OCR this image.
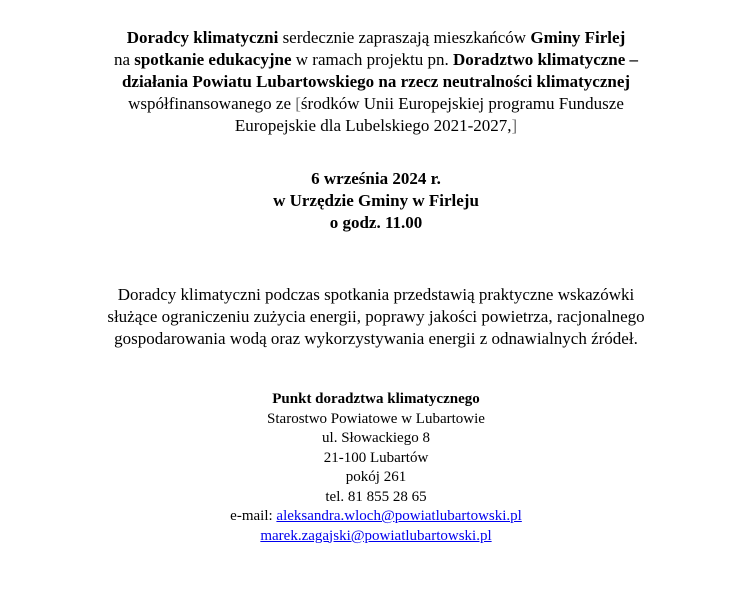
Doradcy klimatyczni serdecznie zapraszają mieszkańców Gminy Firlej
na spotkanie edukacyjne w ramach projektu pn. Doradztwo klimatyczne –
działania Powiatu Lubartowskiego na rzecz neutralności klimatycznej
współfinansowanego ze [środków Unii Europejskiej programu Fundusze
Europejskie dla Lubelskiego 2021-2027,]
6 września 2024 r.
w Urzędzie Gminy w Firleju
o godz. 11.00
Doradcy klimatyczni podczas spotkania przedstawią praktyczne wskazówki
służące ograniczeniu zużycia energii, poprawy jakości powietrza, racjonalnego
gospodarowania wodą oraz wykorzystywania energii z odnawialnych źródeł.
Punkt doradztwa klimatycznego
Starostwo Powiatowe w Lubartowie
ul. Słowackiego 8
21-100 Lubartów
pokój 261
tel. 81 855 28 65
e-mail: aleksandra.wloch@powiatlubartowski.pl
marek.zagajski@powiatlubartowski.pl
